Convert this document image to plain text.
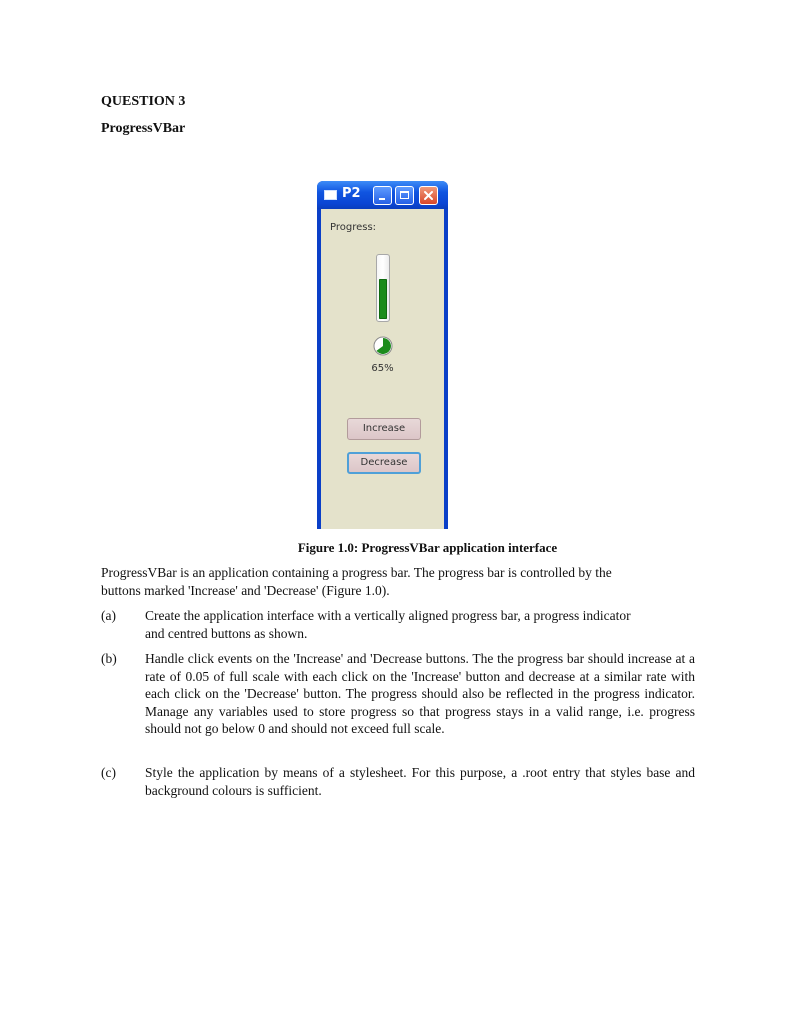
QUESTION 3
ProgressVBar
P2
Progress:
65%
Increase
Decrease
Figure 1.0: ProgressVBar application interface
ProgressVBar is an application containing a progress bar. The progress bar is controlled by the buttons marked 'Increase' and 'Decrease' (Figure 1.0).
(a) Create the application interface with a vertically aligned progress bar, a progress indicator and centred buttons as shown.
(b) Handle click events on the 'Increase' and 'Decrease buttons. The the progress bar should increase at a rate of 0.05 of full scale with each click on the 'Increase' button and decrease at a similar rate with each click on the 'Decrease' button. The progress should also be reflected in the progress indicator. Manage any variables used to store progress so that progress stays in a valid range, i.e. progress should not go below 0 and should not exceed full scale.
(c) Style the application by means of a stylesheet. For this purpose, a .root entry that styles base and background colours is sufficient.
